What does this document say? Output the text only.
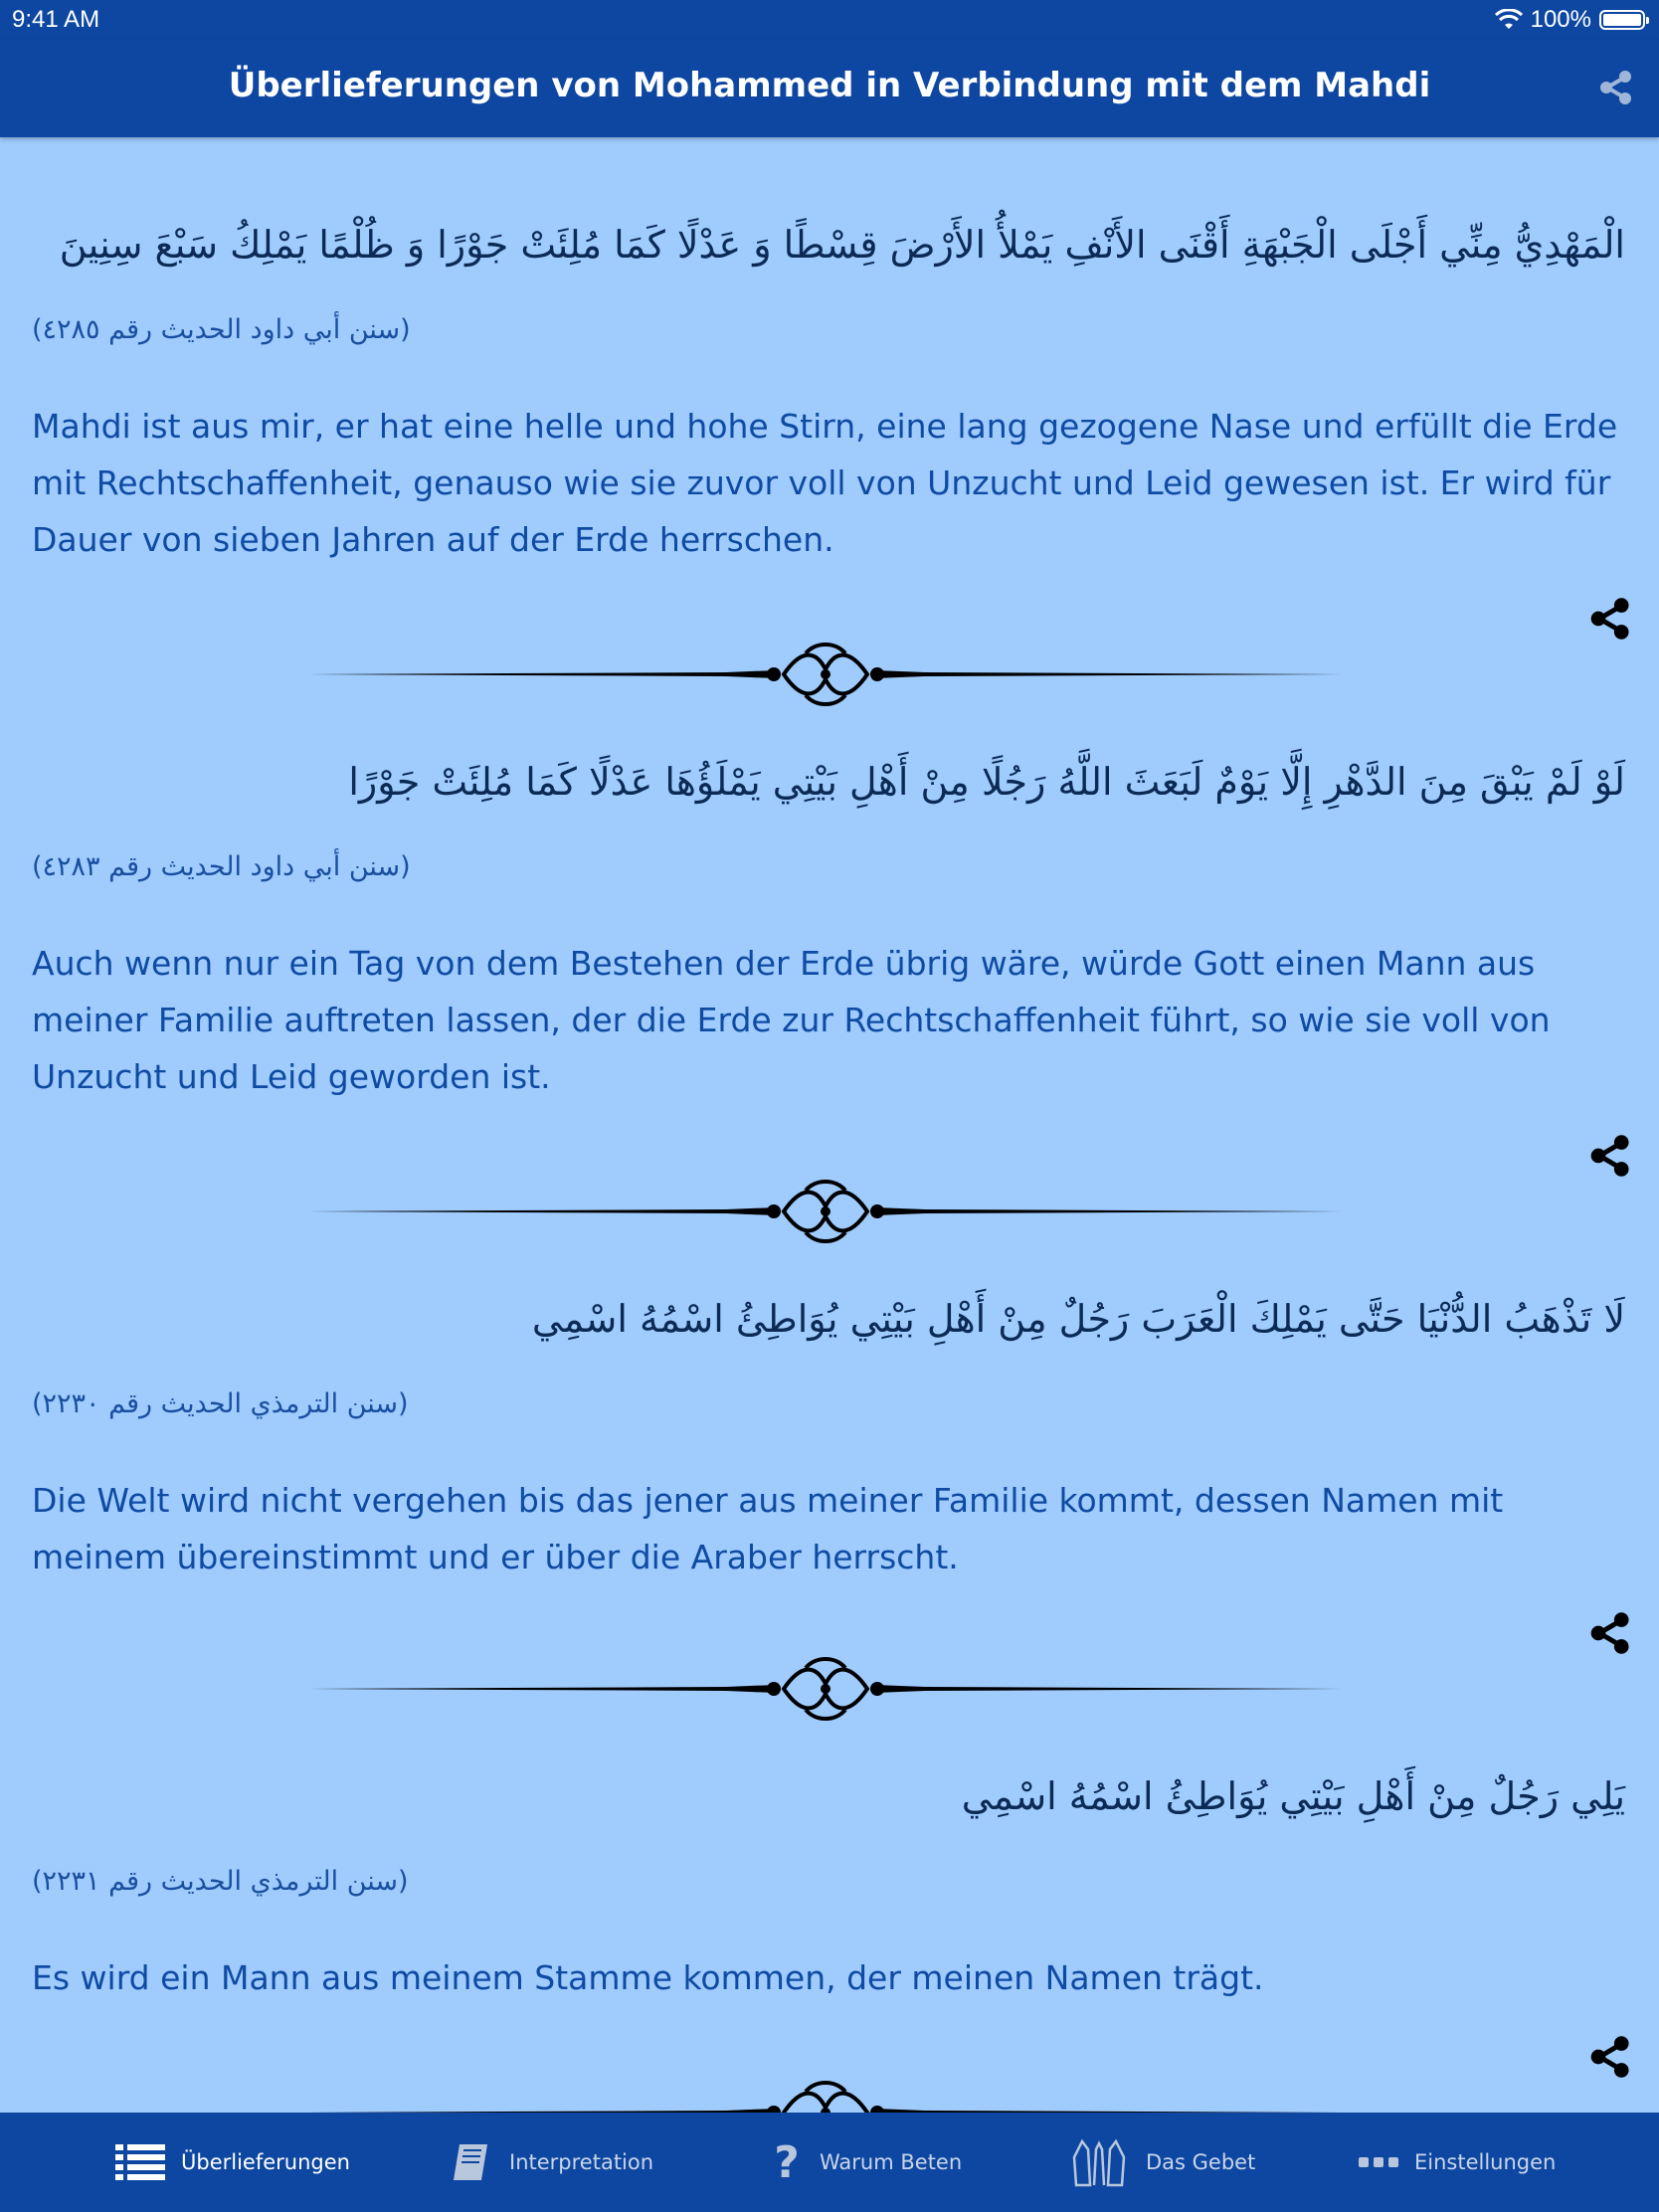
9:41 AM	100%
Überlieferungen von Mohammed in Verbindung mit dem Mahdi
الْمَهْدِيُّ مِنِّي أَجْلَى الْجَبْهَةِ أَقْنَى الأَنْفِ يَمْلأُ الأَرْضَ قِسْطًا وَ عَدْلًا كَمَا مُلِئَتْ جَوْرًا وَ ظُلْمًا يَمْلِكُ سَبْعَ سِنِينَ
(سنن أبي داود الحديث رقم ٤٢٨٥)
Mahdi ist aus mir, er hat eine helle und hohe Stirn, eine lang gezogene Nase und erfüllt die Erde mit Rechtschaffenheit, genauso wie sie zuvor voll von Unzucht und Leid gewesen ist. Er wird für Dauer von sieben Jahren auf der Erde herrschen.
لَوْ لَمْ يَبْقَ مِنَ الدَّهْرِ إِلَّا يَوْمٌ لَبَعَثَ اللَّهُ رَجُلًا مِنْ أَهْلِ بَيْتِي يَمْلَؤُهَا عَدْلًا كَمَا مُلِئَتْ جَوْرًا
(سنن أبي داود الحديث رقم ٤٢٨٣)
Auch wenn nur ein Tag von dem Bestehen der Erde übrig wäre, würde Gott einen Mann aus meiner Familie auftreten lassen, der die Erde zur Rechtschaffenheit führt, so wie sie voll von Unzucht und Leid geworden ist.
لَا تَذْهَبُ الدُّنْيَا حَتَّى يَمْلِكَ الْعَرَبَ رَجُلٌ مِنْ أَهْلِ بَيْتِي يُوَاطِئُ اسْمُهُ اسْمِي
(سنن الترمذي الحديث رقم ٢٢٣٠)
Die Welt wird nicht vergehen bis das jener aus meiner Familie kommt, dessen Namen mit meinem übereinstimmt und er über die Araber herrscht.
يَلِي رَجُلٌ مِنْ أَهْلِ بَيْتِي يُوَاطِئُ اسْمُهُ اسْمِي
(سنن الترمذي الحديث رقم ٢٢٣١)
Es wird ein Mann aus meinem Stamme kommen, der meinen Namen trägt.
Überlieferungen	Interpretation	? Warum Beten	Das Gebet	Einstellungen
